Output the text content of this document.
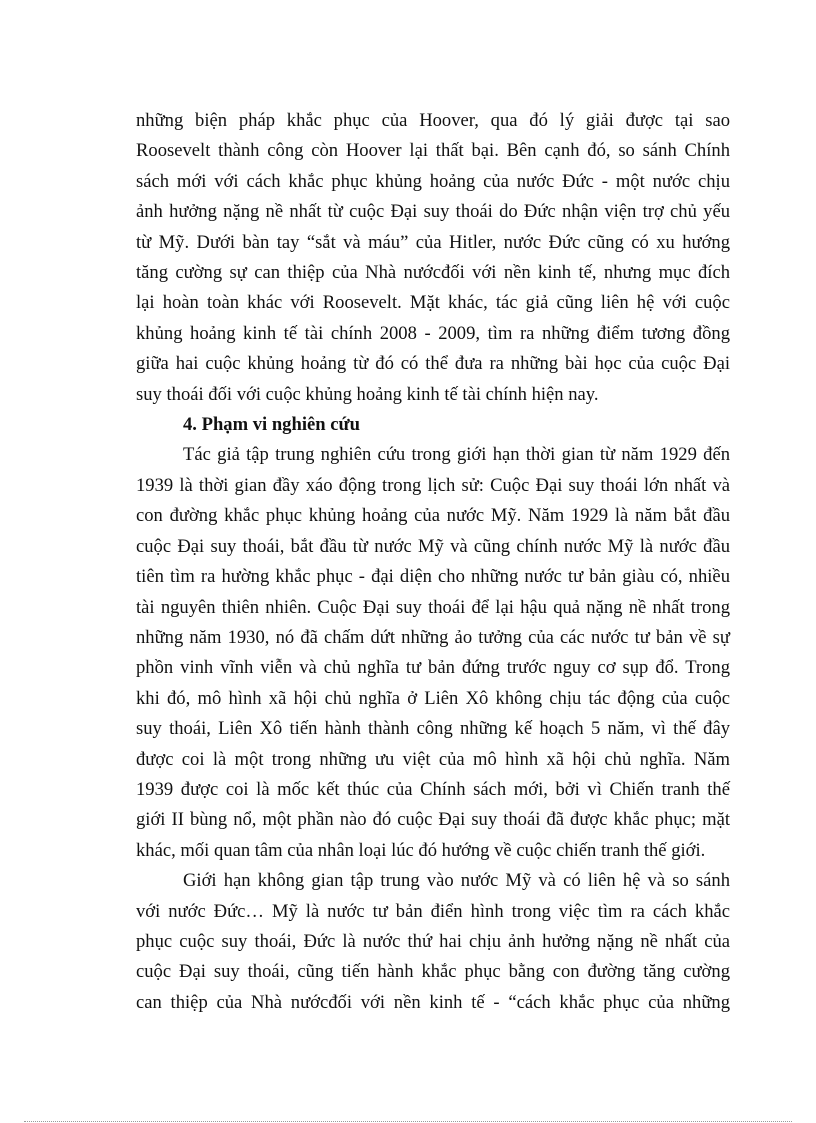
những biện pháp khắc phục của Hoover, qua đó lý giải được tại sao
Roosevelt thành công còn Hoover lại thất bại. Bên cạnh đó, so sánh Chính
sách mới với cách khắc phục khủng hoảng của nước Đức - một nước chịu
ảnh hưởng nặng nề nhất từ cuộc Đại suy thoái do Đức nhận viện trợ chủ yếu
từ Mỹ. Dưới bàn tay “sắt và máu” của Hitler, nước Đức cũng có xu hướng
tăng cường sự can thiệp của Nhà nướcđối với nền kinh tế, nhưng mục đích
lại hoàn toàn khác với Roosevelt. Mặt khác, tác giả cũng liên hệ với cuộc
khủng hoảng kinh tế tài chính 2008 - 2009, tìm ra những điểm tương đồng
giữa hai cuộc khủng hoảng từ đó có thể đưa ra những bài học của cuộc Đại
suy thoái đối với cuộc khủng hoảng kinh tế tài chính hiện nay.
4. Phạm vi nghiên cứu
Tác giả tập trung nghiên cứu trong giới hạn thời gian từ năm 1929 đến
1939 là thời gian đầy xáo động trong lịch sử: Cuộc Đại suy thoái lớn nhất và
con đường khắc phục khủng hoảng của nước Mỹ. Năm 1929 là năm bắt đầu
cuộc Đại suy thoái, bắt đầu từ nước Mỹ và cũng chính nước Mỹ là nước đầu
tiên tìm ra hường khắc phục - đại diện cho những nước tư bản giàu có, nhiều
tài nguyên thiên nhiên. Cuộc Đại suy thoái để lại hậu quả nặng nề nhất trong
những năm 1930, nó đã chấm dứt những ảo tưởng của các nước tư bản về sự
phồn vinh vĩnh viễn và chủ nghĩa tư bản đứng trước nguy cơ sụp đổ. Trong
khi đó, mô hình xã hội chủ nghĩa ở Liên Xô không chịu tác động của cuộc
suy thoái, Liên Xô tiến hành thành công những kế hoạch 5 năm, vì thế đây
được coi là một trong những ưu việt của mô hình xã hội chủ nghĩa. Năm
1939 được coi là mốc kết thúc của Chính sách mới, bởi vì Chiến tranh thế
giới II bùng nổ, một phần nào đó cuộc Đại suy thoái đã được khắc phục; mặt
khác, mối quan tâm của nhân loại lúc đó hướng về cuộc chiến tranh thế giới.
Giới hạn không gian tập trung vào nước Mỹ và có liên hệ và so sánh
với nước Đức… Mỹ là nước tư bản điển hình trong việc tìm ra cách khắc
phục cuộc suy thoái, Đức là nước thứ hai chịu ảnh hưởng nặng nề nhất của
cuộc Đại suy thoái, cũng tiến hành khắc phục bằng con đường tăng cường
can thiệp của Nhà nướcđối với nền kinh tế - “cách khắc phục của những
